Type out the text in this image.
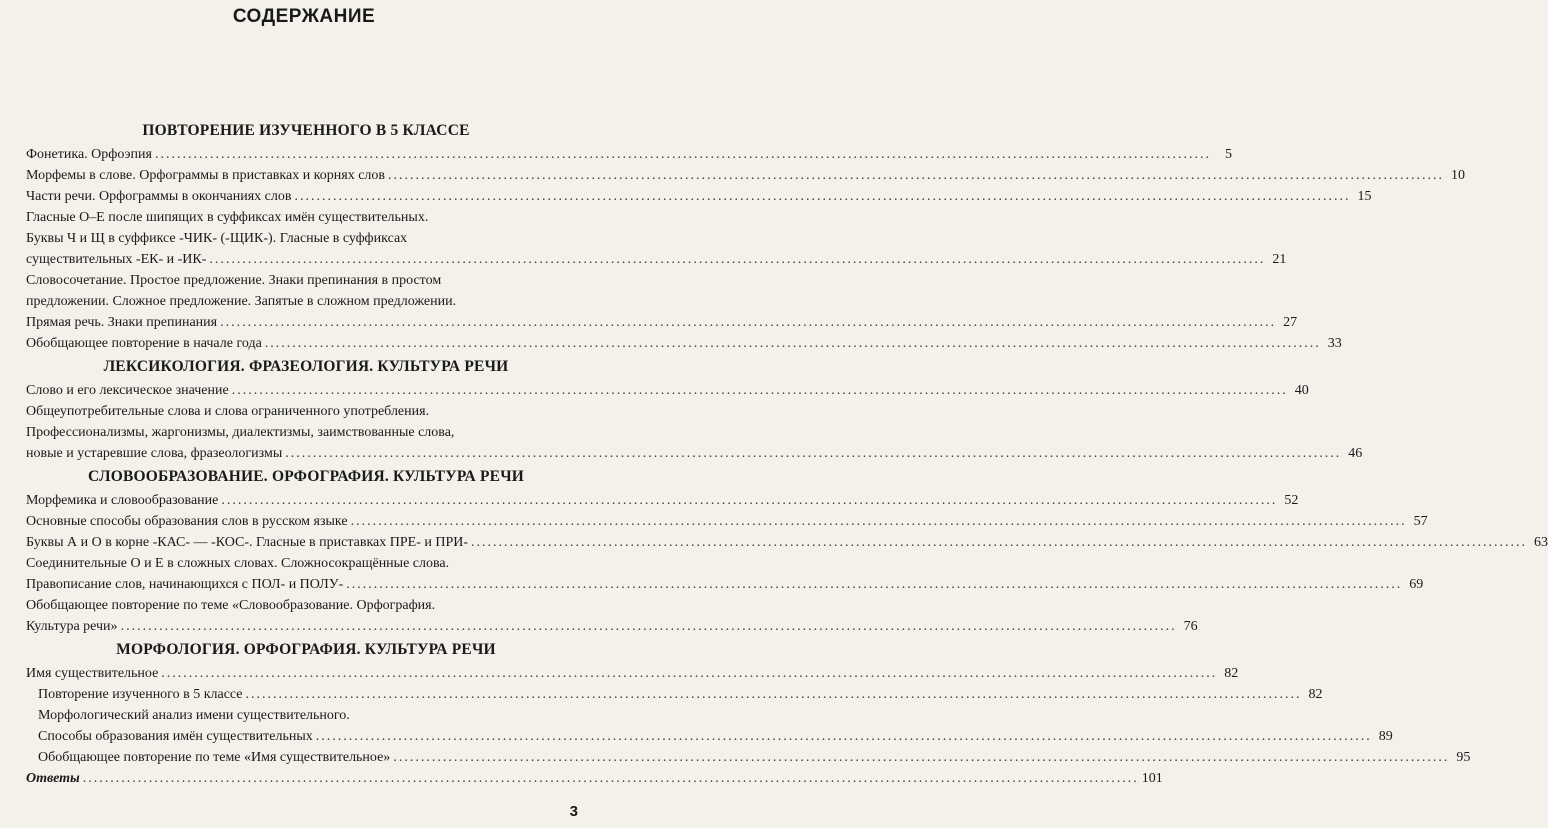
СОДЕРЖАНИЕ
ПОВТОРЕНИЕ ИЗУЧЕННОГО В 5 КЛАССЕ
Фонетика. Орфоэпия .....	5
Морфемы в слове. Орфограммы в приставках и корнях слов .....	10
Части речи. Орфограммы в окончаниях слов .....	15
Гласные О–Е после шипящих в суффиксах имён существительных.
Буквы Ч и Щ в суффиксе -ЧИК- (-ЩИК-). Гласные в суффиксах
существительных -ЕК- и -ИК- .....	21
Словосочетание. Простое предложение. Знаки препинания в простом
предложении. Сложное предложение. Запятые в сложном предложении.
Прямая речь. Знаки препинания .....	27
Обобщающее повторение в начале года .....	33
ЛЕКСИКОЛОГИЯ. ФРАЗЕОЛОГИЯ. КУЛЬТУРА РЕЧИ
Слово и его лексическое значение .....	40
Общеупотребительные слова и слова ограниченного употребления.
Профессионализмы, жаргонизмы, диалектизмы, заимствованные слова,
новые и устаревшие слова, фразеологизмы .....	46
СЛОВООБРАЗОВАНИЕ. ОРФОГРАФИЯ. КУЛЬТУРА РЕЧИ
Морфемика и словообразование .....	52
Основные способы образования слов в русском языке .....	57
Буквы А и О в корне -КАС- — -КОС-. Гласные в приставках ПРЕ- и ПРИ- .....	63
Соединительные О и Е в сложных словах. Сложносокращённые слова.
Правописание слов, начинающихся с ПОЛ- и ПОЛУ- .....	69
Обобщающее повторение по теме «Словообразование. Орфография.
Культура речи» .....	76
МОРФОЛОГИЯ. ОРФОГРАФИЯ. КУЛЬТУРА РЕЧИ
Имя существительное .....	82
Повторение изученного в 5 классе .....	82
Морфологический анализ имени существительного.
Способы образования имён существительных .....	89
Обобщающее повторение по теме «Имя существительное» .....	95
Ответы .....	101
3
